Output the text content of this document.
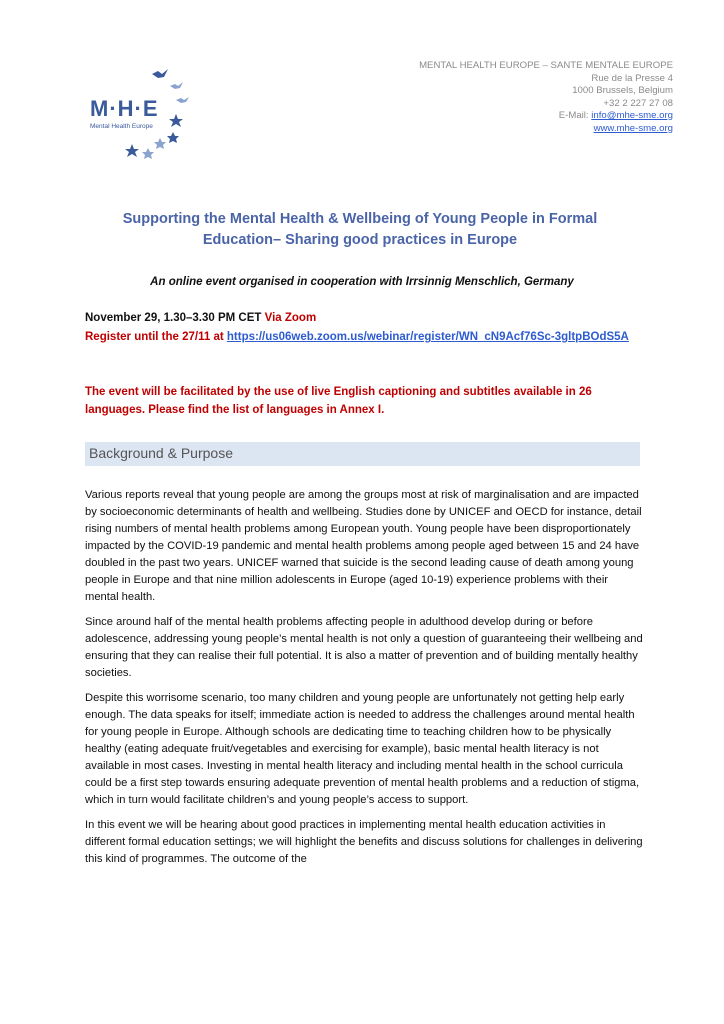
M·H·E
Mental Health Europe
MENTAL HEALTH EUROPE – SANTE MENTALE EUROPE
Rue de la Presse 4
1000 Brussels, Belgium
+32 2 227 27 08
E-Mail: info@mhe-sme.org
www.mhe-sme.org
Supporting the Mental Health & Wellbeing of Young People in Formal
Education– Sharing good practices in Europe
An online event organised in cooperation with Irrsinnig Menschlich, Germany
November 29, 1.30–3.30 PM CET Via Zoom
Register until the 27/11 at https://us06web.zoom.us/webinar/register/WN_cN9Acf76Sc-3gltpBOdS5A
The event will be facilitated by the use of live English captioning and subtitles available in 26 languages. Please find the list of languages in Annex I.
Background & Purpose

Various reports reveal that young people are among the groups most at risk of marginalisation and are impacted by socioeconomic determinants of health and wellbeing. Studies done by UNICEF and OECD for instance, detail rising numbers of mental health problems among European youth. Young people have been disproportionately impacted by the COVID-19 pandemic and mental health problems among people aged between 15 and 24 have doubled in the past two years. UNICEF warned that suicide is the second leading cause of death among young people in Europe and that nine million adolescents in Europe (aged 10-19) experience problems with their mental health.

Since around half of the mental health problems affecting people in adulthood develop during or before adolescence, addressing young people’s mental health is not only a question of guaranteeing their wellbeing and ensuring that they can realise their full potential. It is also a matter of prevention and of building mentally healthy societies.

Despite this worrisome scenario, too many children and young people are unfortunately not getting help early enough. The data speaks for itself; immediate action is needed to address the challenges around mental health for young people in Europe. Although schools are dedicating time to teaching children how to be physically healthy (eating adequate fruit/vegetables and exercising for example), basic mental health literacy is not available in most cases. Investing in mental health literacy and including mental health in the school curricula could be a first step towards ensuring adequate prevention of mental health problems and a reduction of stigma, which in turn would facilitate children’s and young people’s access to support.

In this event we will be hearing about good practices in implementing mental health education activities in different formal education settings; we will highlight the benefits and discuss solutions for challenges in delivering this kind of programmes. The outcome of the
